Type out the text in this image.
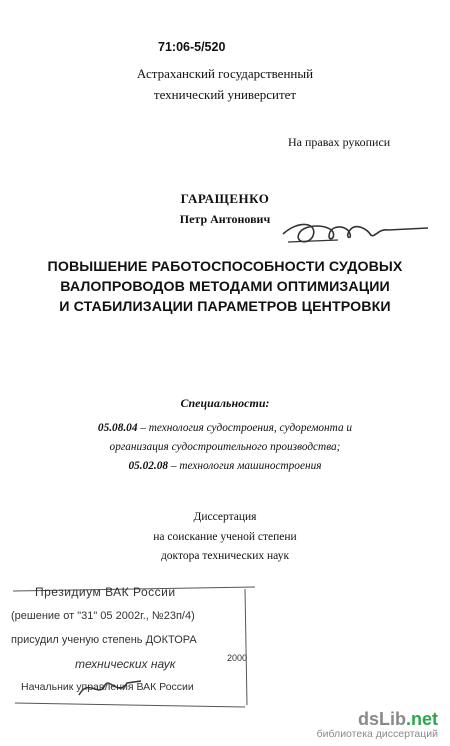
71:06-5/520
Астраханский государственный
технический университет
На правах рукописи
ГАРАЩЕНКО
Петр Антонович
ПОВЫШЕНИЕ РАБОТОСПОСОБНОСТИ СУДОВЫХ
ВАЛОПРОВОДОВ МЕТОДАМИ ОПТИМИЗАЦИИ
И СТАБИЛИЗАЦИИ ПАРАМЕТРОВ ЦЕНТРОВКИ
Специальности:
05.08.04 – технология судостроения, судоремонта и
организация судостроительного производства;
05.02.08 – технология машиностроения
Диссертация
на соискание ученой степени
доктора технических наук
Президиум ВАК России
(решение от "31" 05 2002г., №23п/4)
присудил ученую степень ДОКТОРА
технических наук	2000
Начальник управления ВАК России
dsLib.net
библиотека диссертаций
